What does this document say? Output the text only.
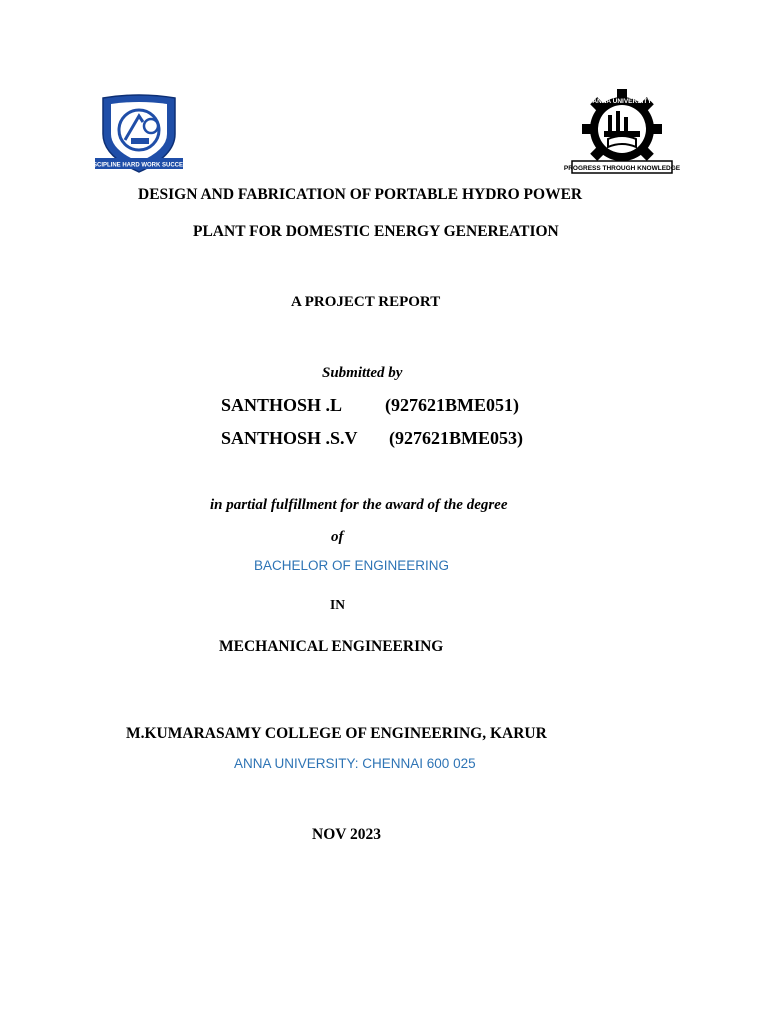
DISCIPLINE HARD WORK SUCCESS
ANNA UNIVERSITY
PROGRESS THROUGH KNOWLEDGE
DESIGN AND FABRICATION OF PORTABLE HYDRO POWER
PLANT FOR DOMESTIC ENERGY GENEREATION
A PROJECT REPORT
Submitted by
SANTHOSH .L (927621BME051)
SANTHOSH .S.V (927621BME053)
in partial fulfillment for the award of the degree
of
BACHELOR OF ENGINEERING
IN
MECHANICAL ENGINEERING
M.KUMARASAMY COLLEGE OF ENGINEERING, KARUR
ANNA UNIVERSITY: CHENNAI 600 025
NOV 2023
